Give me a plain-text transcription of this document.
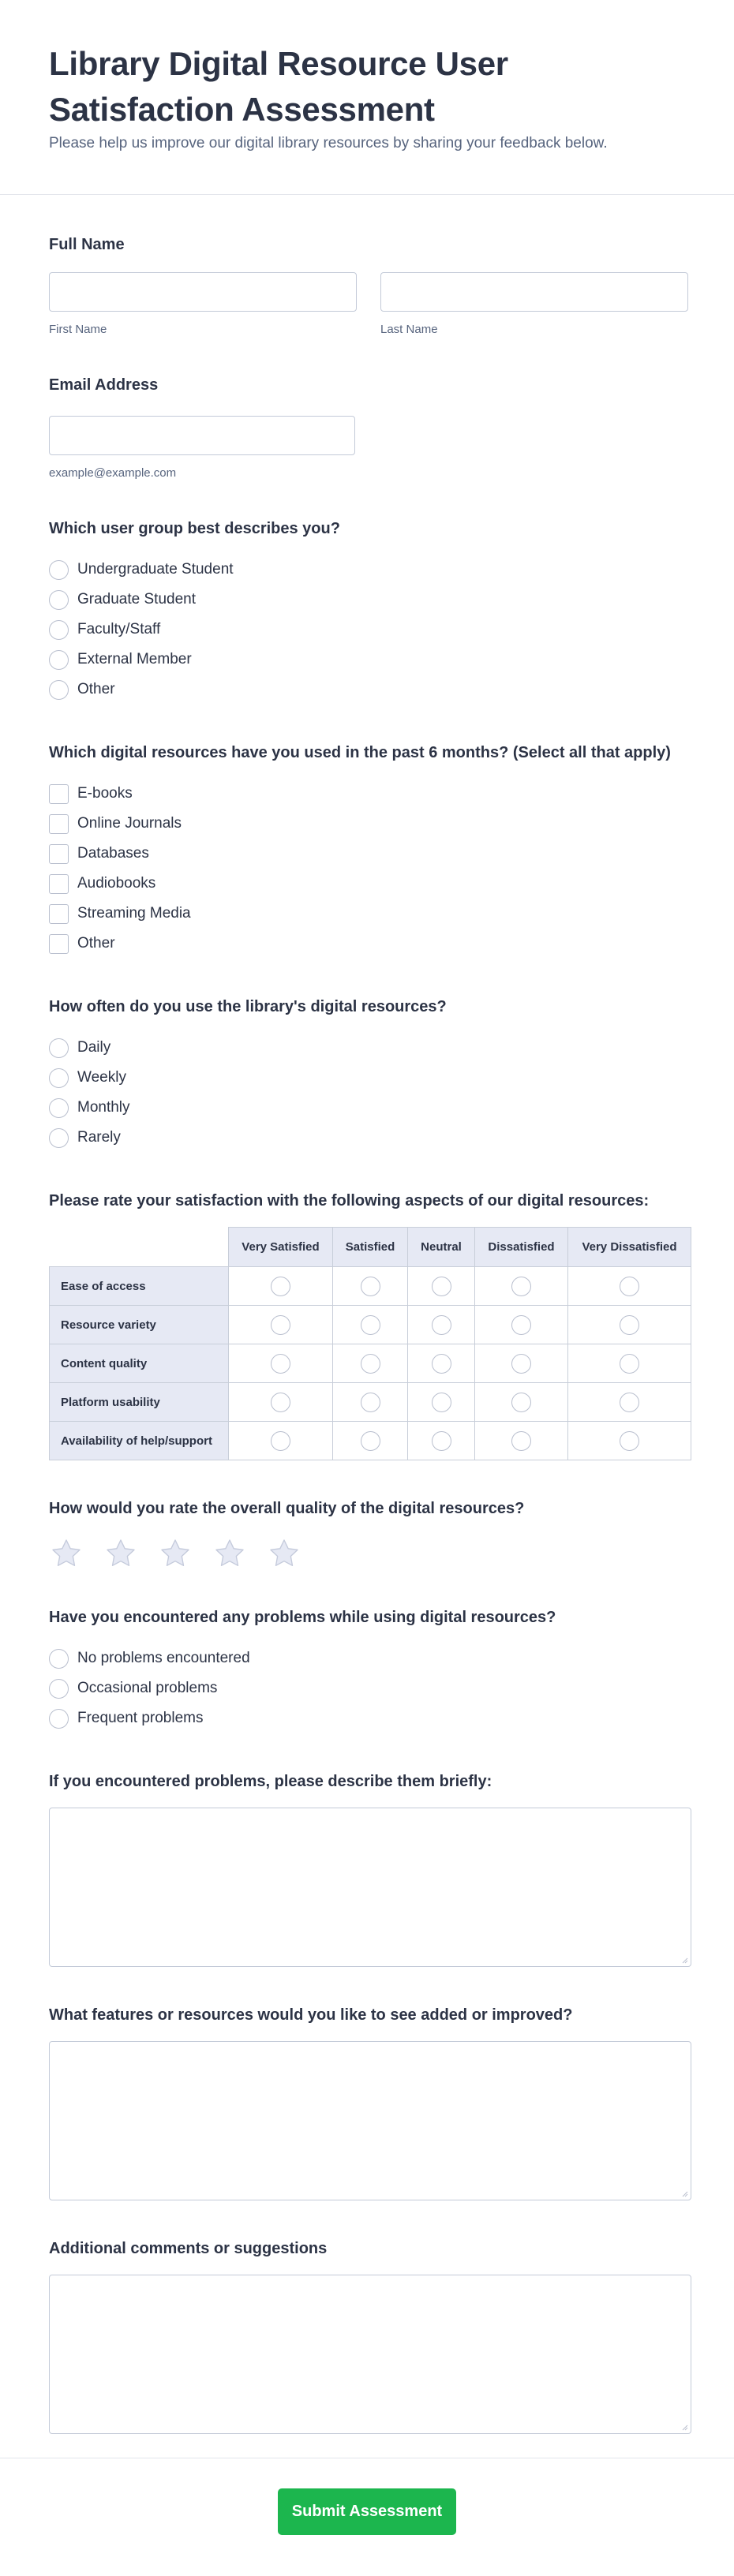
Library Digital Resource User Satisfaction Assessment

Please help us improve our digital library resources by sharing your feedback below.

Full Name
First Name	Last Name
Email Address
example@example.com
Which user group best describes you?
Undergraduate Student
Graduate Student
Faculty/Staff
External Member
Other
Which digital resources have you used in the past 6 months? (Select all that apply)
E-books
Online Journals
Databases
Audiobooks
Streaming Media
Other
How often do you use the library's digital resources?
Daily
Weekly
Monthly
Rarely
Please rate your satisfaction with the following aspects of our digital resources:
	Very Satisfied	Satisfied	Neutral	Dissatisfied	Very Dissatisfied
Ease of access					
Resource variety					
Content quality					
Platform usability					
Availability of help/support					
How would you rate the overall quality of the digital resources?
Have you encountered any problems while using digital resources?
No problems encountered
Occasional problems
Frequent problems
If you encountered problems, please describe them briefly:
What features or resources would you like to see added or improved?
Additional comments or suggestions
Submit Assessment
